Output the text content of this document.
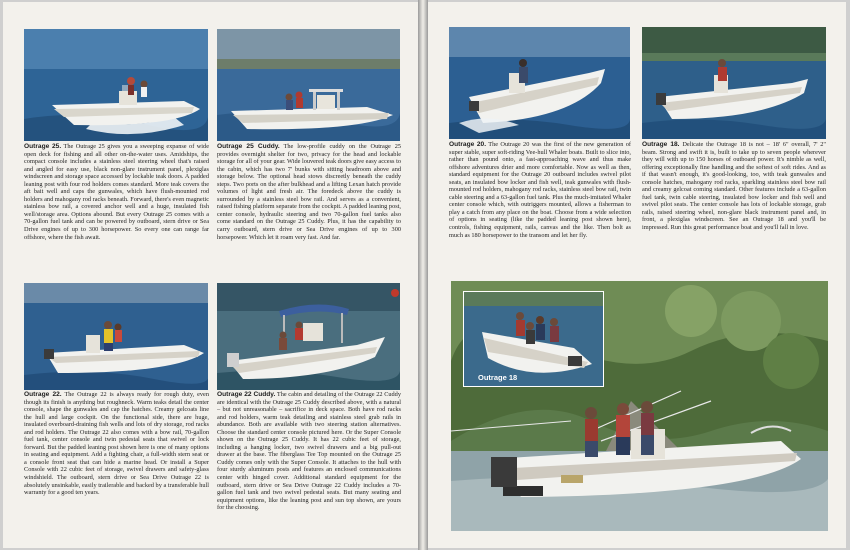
Outrage 25. The Outrage 25 gives you a sweeping expanse of wide open deck for fishing and all other on-the-water uses. Amidships, the compact console includes a stainless steel steering wheel that's raised and angled for easy use, black non-glare instrument panel, plexiglas windscreen and storage space accessed by lockable teak doors. A padded leaning post with four rod holders comes standard. More teak covers the aft bait well and caps the gunwales, which have flush-mounted rod holders and mahogany rod racks beneath. Forward, there's even magnetic stainless bow rail, a covered anchor well and a huge, insulated fish well/storage area. Options abound. But every Outrage 25 comes with a 70-gallon fuel tank and can be powered by outboard, stern drive or Sea Drive engines of up to 300 horsepower. So every one can range far offshore, where the fish await.

Outrage 25 Cuddy. The low-profile cuddy on the Outrage 25 provides overnight shelter for two, privacy for the head and lockable storage for all of your gear. Wide louvered teak doors give easy access to the cabin, which has two 7' bunks with sitting headroom above and storage below. The optional head stows discreetly beneath the cuddy steps. Two ports on the after bulkhead and a lifting Lexan hatch provide volumes of light and fresh air. The foredeck above the cuddy is surrounded by a stainless steel bow rail. And serves as a convenient, raised fishing platform separate from the cockpit. A padded leaning post, center console, hydraulic steering and two 70-gallon fuel tanks also come standard on the Outrage 25 Cuddy. Plus, it has the capability to carry outboard, stern drive or Sea Drive engines of up to 300 horsepower. Which let it roam very fast. And far.

Outrage 22. The Outrage 22 is always ready for rough duty, even though its finish is anything but roughneck. Warm teaks detail the center console, shape the gunwales and cap the hatches. Creamy gelcoats line the hull and large cockpit. On the functional side, there are huge, insulated overboard-draining fish wells and lots of dry storage, rod racks and rod holders. The Outrage 22 also comes with a bow rail, 70-gallon fuel tank, center console and twin pedestal seats that swivel or lock forward. But the padded leaning post shown here is one of many options in seating and equipment. Add a fighting chair, a full-width stern seat or a console front seat that can hide a marine head. Or install a Super Console with 22 cubic feet of storage, swivel drawers and safety-glass windshield. The outboard, stern drive or Sea Drive Outrage 22 is absolutely unsinkable, easily trailerable and backed by a transferable hull warranty for a good ten years.

Outrage 22 Cuddy. The cabin and detailing of the Outrage 22 Cuddy are identical with the Outrage 25 Cuddy described above, with a natural – but not unreasonable – sacrifice in deck space. Both have rod racks and rod holders, warm teak detailing and stainless steel grab rails in abundance. Both are available with two steering station alternatives. Choose the standard center console pictured here. Or the Super Console shown on the Outrage 25 Cuddy. It has 22 cubic feet of storage, including a hanging locker, two swivel drawers and a big pull-out drawer at the base. The fiberglass Tee Top mounted on the Outrage 25 Cuddy comes only with the Super Console. It attaches to the hull with four sturdy aluminum posts and features an enclosed communications center with hinged cover. Additional standard equipment for the outboard, stern drive or Sea Drive Outrage 22 Cuddy includes a 70-gallon fuel tank and two swivel pedestal seats. But many seating and equipment options, like the leaning post and sun top shown, are yours for the choosing.

Outrage 20. The Outrage 20 was the first of the new generation of super stable, super soft-riding Vee-hull Whaler boats. Built to slice into, rather than pound onto, a fast-approaching wave and thus make offshore adventures drier and more comfortable. Now as well as then, standard equipment for the Outrage 20 outboard includes swivel pilot seats, an insulated bow locker and fish well, teak gunwales with flush-mounted rod holders, mahogany rod racks, stainless steel bow rail, twin cable steering and a 63-gallon fuel tank. Plus the much-imitated Whaler center console which, with outriggers mounted, allows a fisherman to play a catch from any place on the boat. Choose from a wide selection of options in seating (like the padded leaning post shown here), controls, fishing equipment, rails, canvas and the like. Then bolt as much as 180 horsepower to the transom and let her fly.

Outrage 18. Delicate the Outrage 18 is not – 18' 6" overall, 7' 2" beam. Strong and swift it is, built to take up to seven people wherever they will with up to 150 horses of outboard power. It's nimble as well, offering exceptionally fine handling and the softest of soft rides. And as if that wasn't enough, it's good-looking, too, with teak gunwales and console hatches, mahogany rod racks, sparkling stainless steel bow rail and creamy gelcoat coming standard. Other features include a 63-gallon fuel tank, twin cable steering, insulated bow locker and fish well and swivel pilot seats. The center console has lots of lockable storage, grab rails, raised steering wheel, non-glare black instrument panel and, in front, a plexiglas windscreen. See an Outrage 18 and you'll be impressed. Run this great performance boat and you'll fall in love.

Outrage 18
